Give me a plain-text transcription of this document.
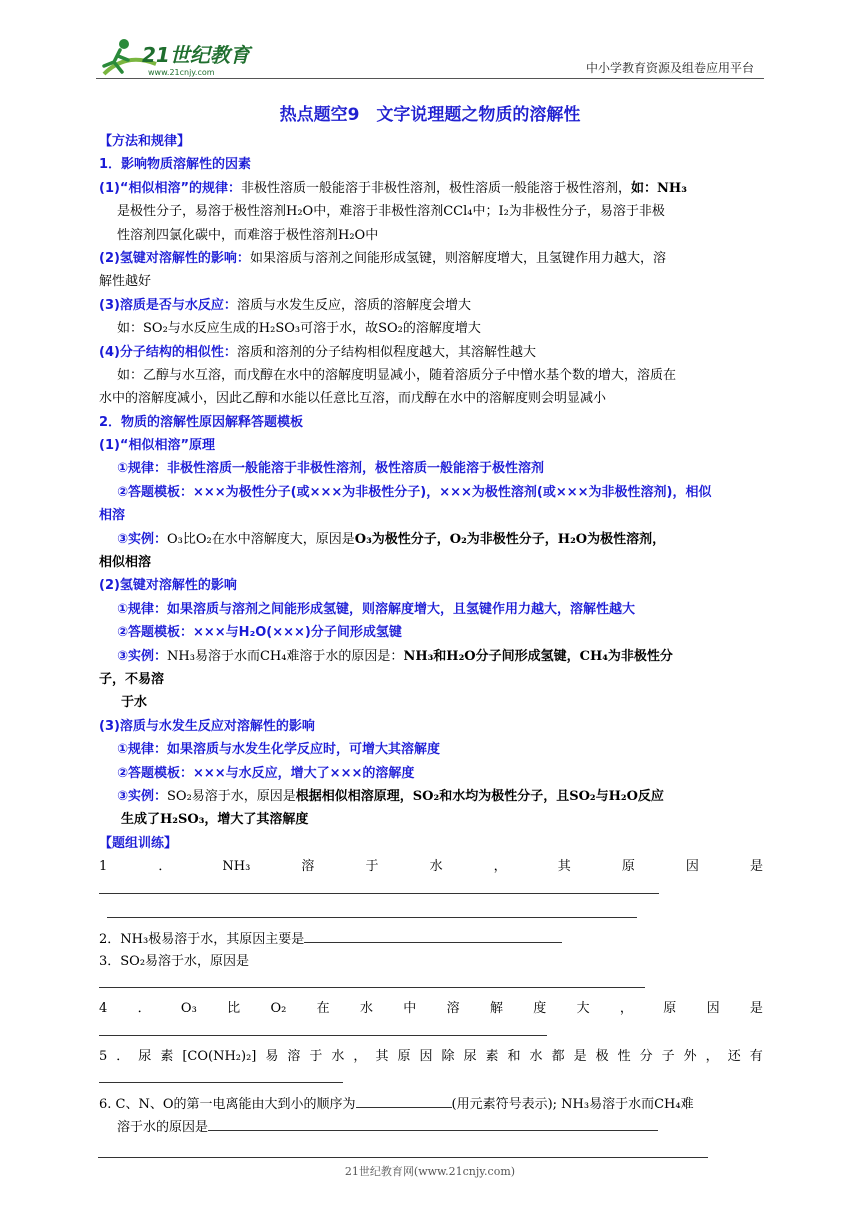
21世纪教育
www.21cnjy.com	中小学教育资源及组卷应用平台
热点题空9　文字说理题之物质的溶解性
【方法和规律】
1．影响物质溶解性的因素
(1)“相似相溶”的规律：非极性溶质一般能溶于非极性溶剂，极性溶质一般能溶于极性溶剂，如：NH₃
是极性分子，易溶于极性溶剂H₂O中，难溶于非极性溶剂CCl₄中；I₂为非极性分子，易溶于非极
性溶剂四氯化碳中，而难溶于极性溶剂H₂O中
(2)氢键对溶解性的影响：如果溶质与溶剂之间能形成氢键，则溶解度增大，且氢键作用力越大，溶
解性越好
(3)溶质是否与水反应：溶质与水发生反应，溶质的溶解度会增大
如：SO₂与水反应生成的H₂SO₃可溶于水，故SO₂的溶解度增大
(4)分子结构的相似性：溶质和溶剂的分子结构相似程度越大，其溶解性越大
如：乙醇与水互溶，而戊醇在水中的溶解度明显减小，随着溶质分子中憎水基个数的增大，溶质在
水中的溶解度减小，因此乙醇和水能以任意比互溶，而戊醇在水中的溶解度则会明显减小
2．物质的溶解性原因解释答题模板
(1)“相似相溶”原理
①规律：非极性溶质一般能溶于非极性溶剂，极性溶质一般能溶于极性溶剂
②答题模板：×××为极性分子(或×××为非极性分子)，×××为极性溶剂(或×××为非极性溶剂)，相似
相溶
③实例：O₃比O₂在水中溶解度大，原因是O₃为极性分子，O₂为非极性分子，H₂O为极性溶剂，
相似相溶
(2)氢键对溶解性的影响
①规律：如果溶质与溶剂之间能形成氢键，则溶解度增大，且氢键作用力越大，溶解性越大
②答题模板：×××与H₂O(×××)分子间形成氢键
③实例：NH₃易溶于水而CH₄难溶于水的原因是：NH₃和H₂O分子间形成氢键，CH₄为非极性分
子，不易溶
于水
(3)溶质与水发生反应对溶解性的影响
①规律：如果溶质与水发生化学反应时，可增大其溶解度
②答题模板：×××与水反应，增大了×××的溶解度
③实例：SO₂易溶于水，原因是根据相似相溶原理，SO₂和水均为极性分子，且SO₂与H₂O反应
生成了H₂SO₃，增大了其溶解度
【题组训练】
1	．	NH₃	溶	于	水	，	其	原	因	是
2．NH₃极易溶于水，其原因主要是
3．SO₂易溶于水，原因是
4 ． O₃ 比 O₂ 在 水 中 溶 解 度 大 ， 原 因 是
5 ． 尿 素 [CO(NH₂)₂] 易 溶 于 水 ， 其 原 因 除 尿 素 和 水 都 是 极 性 分 子 外 ， 还 有
6. C、N、O的第一电离能由大到小的顺序为	(用元素符号表示); NH₃易溶于水而CH₄难
溶于水的原因是
21世纪教育网(www.21cnjy.com)
